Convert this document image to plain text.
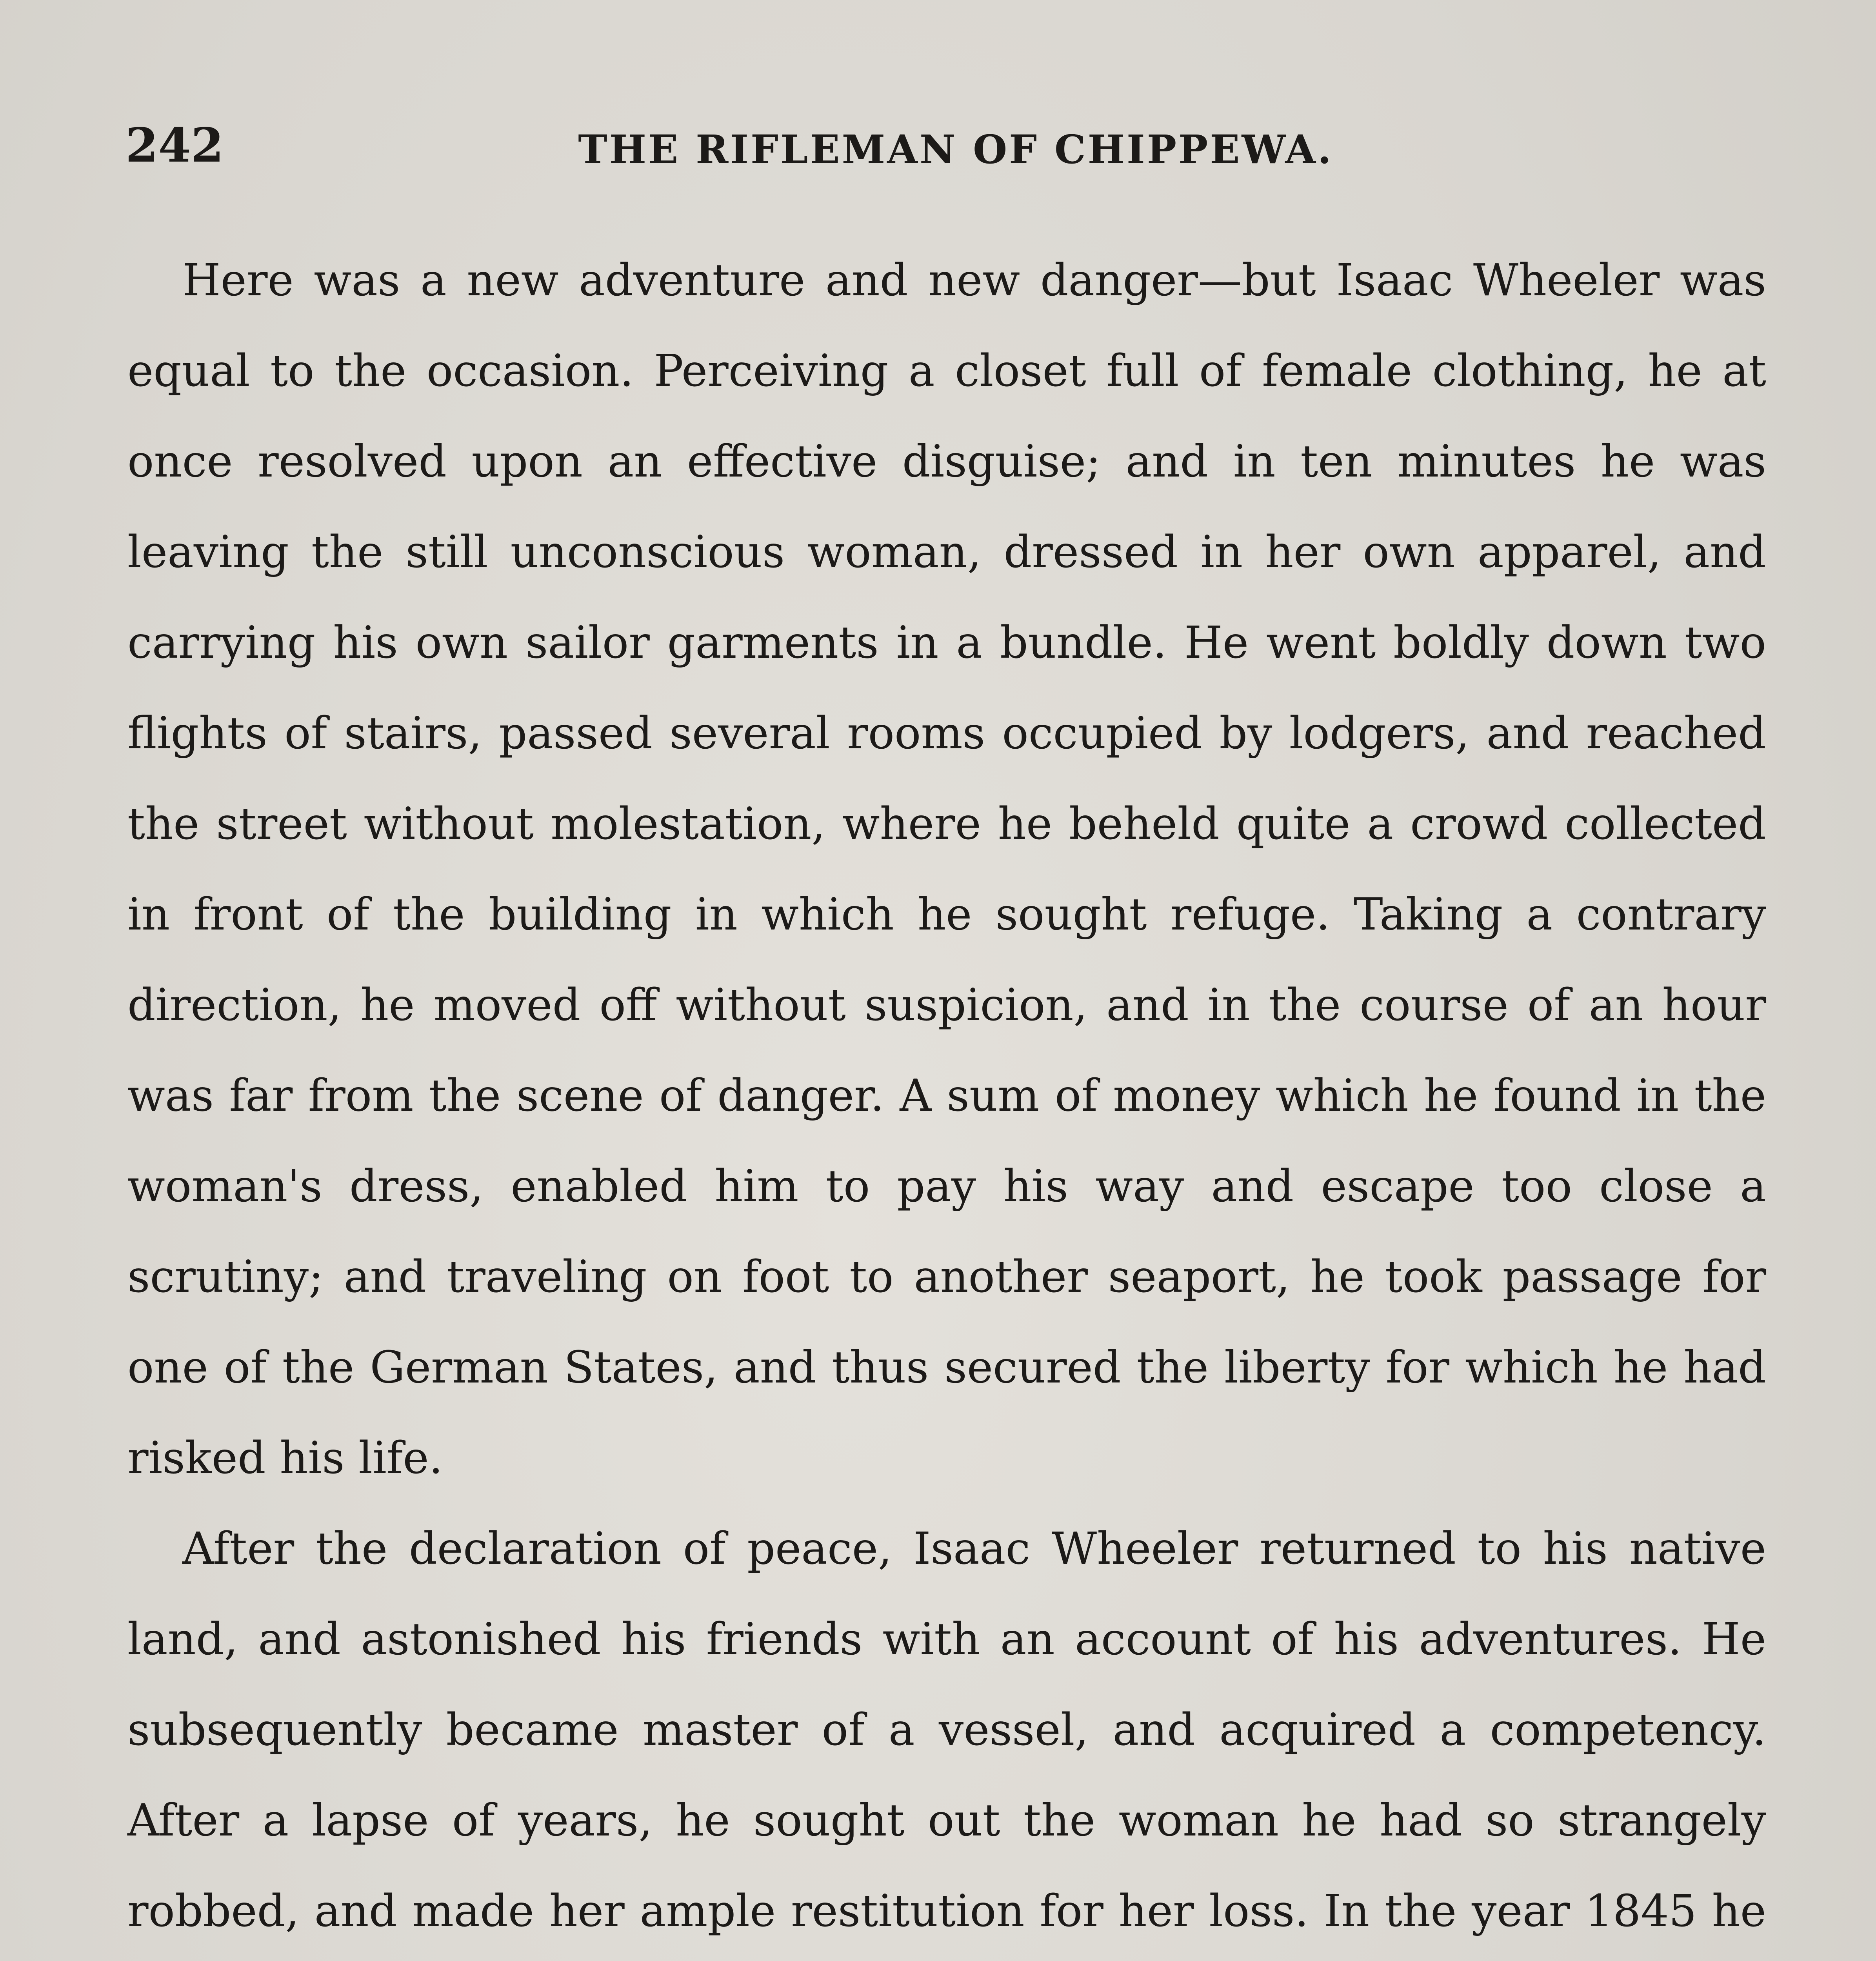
242	THE RIFLEMAN OF CHIPPEWA.

Here was a new adventure and new danger—but Isaac Wheeler was equal to the occasion. Perceiving a closet full of female clothing, he at once resolved upon an effective disguise; and in ten minutes he was leaving the still unconscious woman, dressed in her own apparel, and carrying his own sailor garments in a bundle. He went boldly down two flights of stairs, passed several rooms occupied by lodgers, and reached the street without molestation, where he beheld quite a crowd collected in front of the building in which he sought refuge. Taking a contrary direction, he moved off without suspicion, and in the course of an hour was far from the scene of danger. A sum of money which he found in the woman's dress, enabled him to pay his way and escape too close a scrutiny; and traveling on foot to another seaport, he took passage for one of the German States, and thus secured the liberty for which he had risked his life.

After the declaration of peace, Isaac Wheeler returned to his native land, and astonished his friends with an account of his adventures. He subsequently became master of a vessel, and acquired a competency. After a lapse of years, he sought out the woman he had so strangely robbed, and made her ample restitution for her loss. In the year 1845 he
